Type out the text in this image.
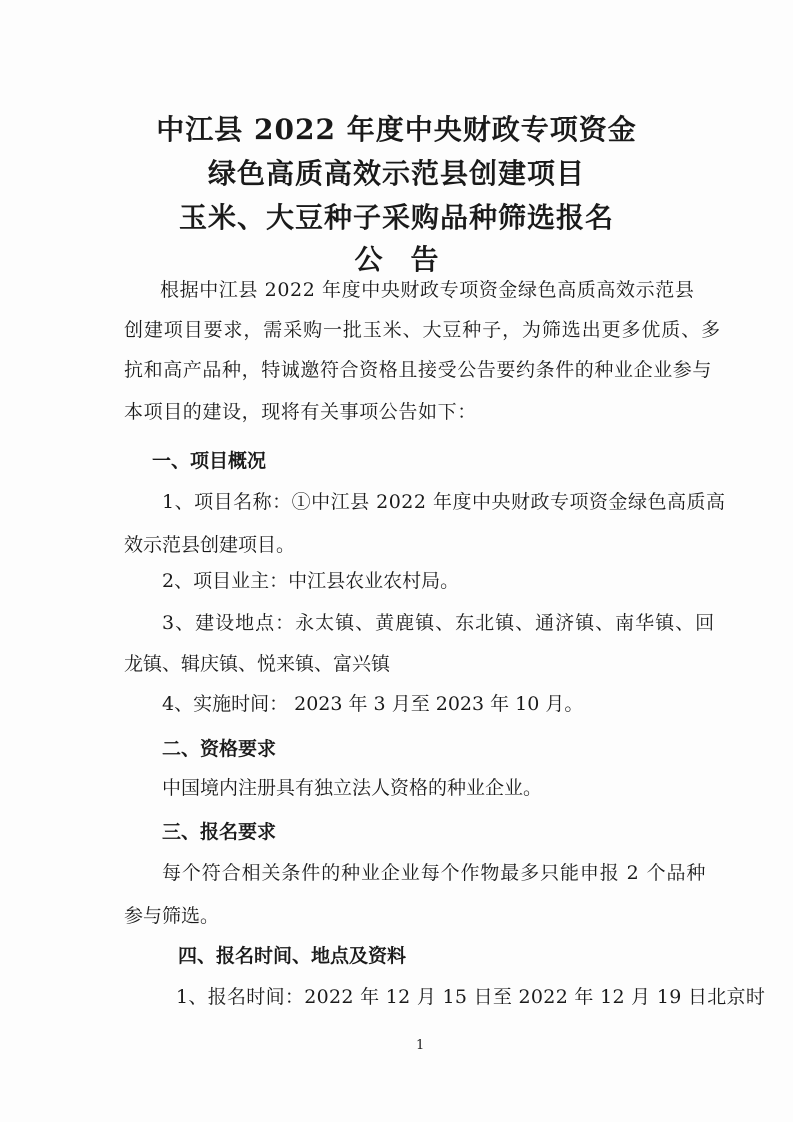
中江县 2022 年度中央财政专项资金
绿色高质高效示范县创建项目
玉米、大豆种子采购品种筛选报名
公告
根据中江县 2022 年度中央财政专项资金绿色高质高效示范县
创建项目要求，需采购一批玉米、大豆种子，为筛选出更多优质、多
抗和高产品种，特诚邀符合资格且接受公告要约条件的种业企业参与
本项目的建设，现将有关事项公告如下：
一、项目概况
1、项目名称：①中江县 2022 年度中央财政专项资金绿色高质高
效示范县创建项目。
2、项目业主：中江县农业农村局。
3、建设地点：永太镇、黄鹿镇、东北镇、通济镇、南华镇、回
龙镇、辑庆镇、悦来镇、富兴镇
4、实施时间： 2023 年 3 月至 2023 年 10 月。
二、资格要求
中国境内注册具有独立法人资格的种业企业。
三、报名要求
每个符合相关条件的种业企业每个作物最多只能申报 2 个品种
参与筛选。
四、报名时间、地点及资料
1、报名时间：2022 年 12 月 15 日至 2022 年 12 月 19 日北京时
1
